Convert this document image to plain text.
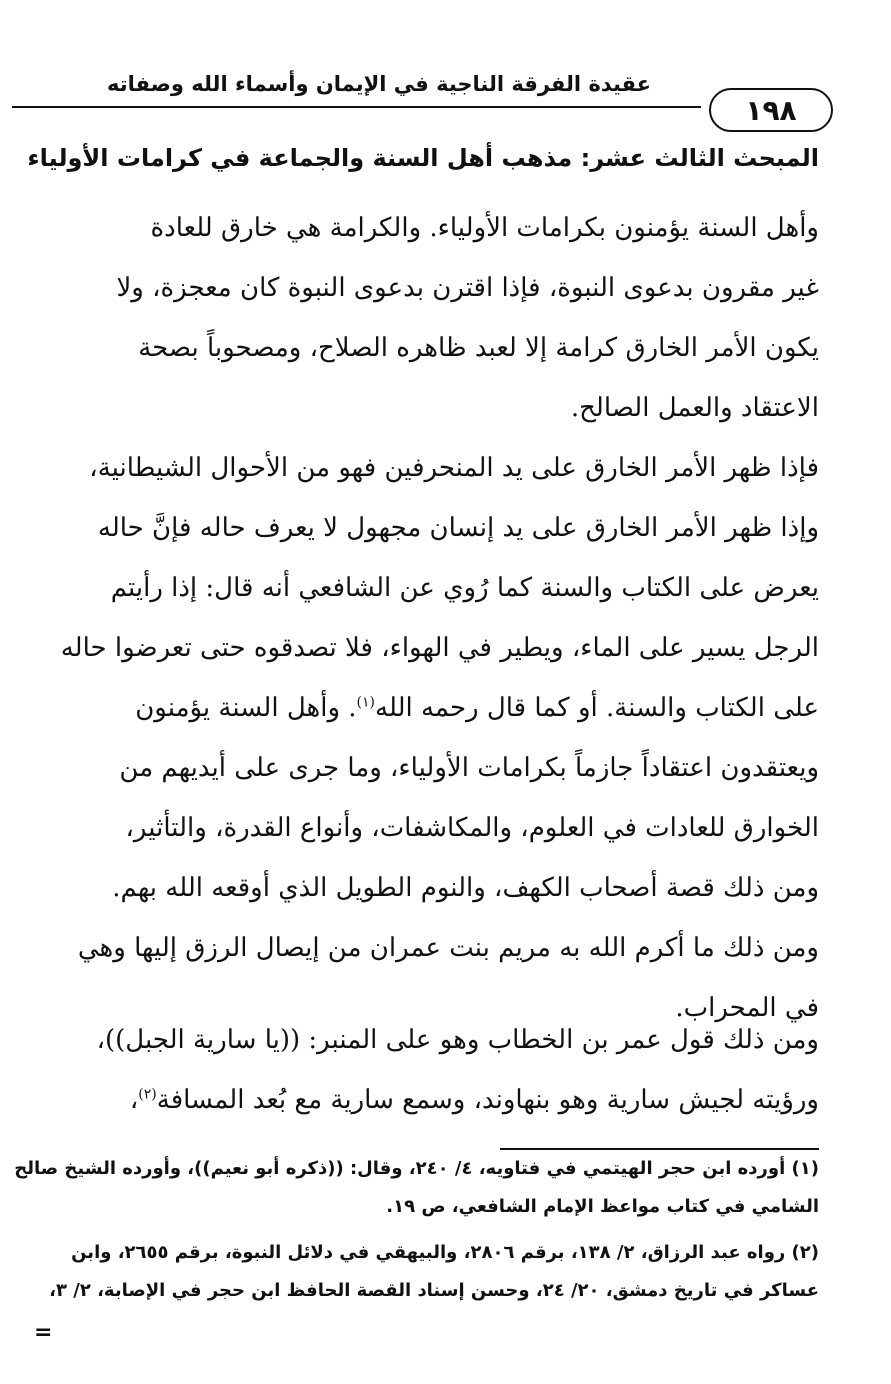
عقيدة الفرقة الناجية في الإيمان وأسماء الله وصفاته
١٩٨
المبحث الثالث عشر: مذهب أهل السنة والجماعة في كرامات الأولياء
وأهل السنة يؤمنون بكرامات الأولياء. والكرامة هي خارق للعادة
غير مقرون بدعوى النبوة، فإذا اقترن بدعوى النبوة كان معجزة، ولا
يكون الأمر الخارق كرامة إلا لعبد ظاهره الصلاح، ومصحوباً بصحة
الاعتقاد والعمل الصالح.
فإذا ظهر الأمر الخارق على يد المنحرفين فهو من الأحوال الشيطانية،
وإذا ظهر الأمر الخارق على يد إنسان مجهول لا يعرف حاله فإنَّ حاله
يعرض على الكتاب والسنة كما رُوي عن الشافعي أنه قال: إذا رأيتم
الرجل يسير على الماء، ويطير في الهواء، فلا تصدقوه حتى تعرضوا حاله
على الكتاب والسنة. أو كما قال رحمه الله$^{(١)}$. وأهل السنة يؤمنون
ويعتقدون اعتقاداً جازماً بكرامات الأولياء، وما جرى على أيديهم من
الخوارق للعادات في العلوم، والمكاشفات، وأنواع القدرة، والتأثير،
ومن ذلك قصة أصحاب الكهف، والنوم الطويل الذي أوقعه الله بهم.
ومن ذلك ما أكرم الله به مريم بنت عمران من إيصال الرزق إليها وهي
في المحراب.
ومن ذلك قول عمر بن الخطاب وهو على المنبر: ((يا سارية الجبل))،
ورؤيته لجيش سارية وهو بنهاوند، وسمع سارية مع بُعد المسافة$^{(٢)}$،
(١) أورده ابن حجر الهيتمي في فتاويه، ٤/ ٢٤٠، وقال: ((ذكره أبو نعيم))، وأورده الشيخ صالح
الشامي في كتاب مواعظ الإمام الشافعي، ص ١٩.
(٢) رواه عبد الرزاق، ٢/ ١٣٨، برقم ٢٨٠٦، والبيهقي في دلائل النبوة، برقم ٢٦٥٥، وابن
عساكر في تاريخ دمشق، ٢٠/ ٢٤، وحسن إسناد القصة الحافظ ابن حجر في الإصابة، ٢/ ٣،
=
